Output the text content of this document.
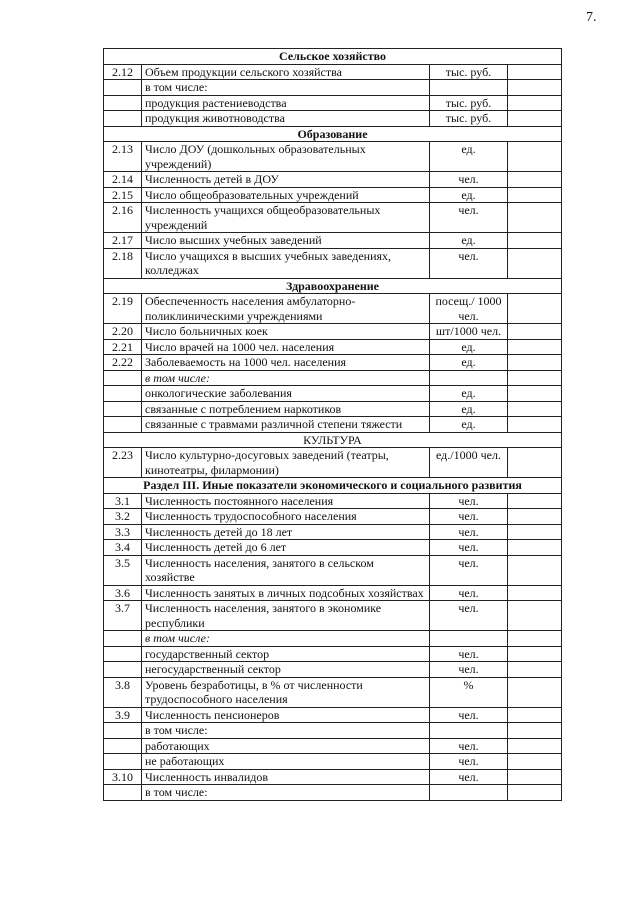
7.
Сельское хозяйство			
2.12	Объем продукции сельского хозяйства	тыс. руб.	
	в том числе:		
	продукция растениеводства	тыс. руб.	
	продукция животноводства	тыс. руб.	
Образование			
2.13	Число ДОУ (дошкольных образовательных учреждений)	ед.	
2.14	Численность детей в ДОУ	чел.	
2.15	Число общеобразовательных учреждений	ед.	
2.16	Численность учащихся общеобразовательных учреждений	чел.	
2.17	Число высших учебных заведений	ед.	
2.18	Число учащихся в высших учебных заведениях, колледжах	чел.	
Здравоохранение			
2.19	Обеспеченность населения амбулаторно-поликлиническими учреждениями	посещ./ 1000 чел.	
2.20	Число больничных коек	шт/1000 чел.	
2.21	Число врачей на 1000 чел. населения	ед.	
2.22	Заболеваемость на 1000 чел. населения	ед.	
	в том числе:		
	онкологические заболевания	ед.	
	связанные с потреблением наркотиков	ед.	
	связанные с травмами различной степени тяжести	ед.	
КУЛЬТУРА			
2.23	Число культурно-досуговых заведений (театры, кинотеатры, филармонии)	ед./1000 чел.	
Раздел III. Иные показатели экономического и социального развития			
3.1	Численность постоянного населения	чел.	
3.2	Численность трудоспособного населения	чел.	
3.3	Численность детей до 18 лет	чел.	
3.4	Численность детей до 6 лет	чел.	
3.5	Численность населения, занятого в сельском хозяйстве	чел.	
3.6	Численность занятых в личных подсобных хозяйствах	чел.	
3.7	Численность населения, занятого в экономике республики	чел.	
	в том числе:		
	государственный сектор	чел.	
	негосударственный сектор	чел.	
3.8	Уровень безработицы, в % от численности трудоспособного населения	%	
3.9	Численность пенсионеров	чел.	
	в том числе:		
	работающих	чел.	
	не работающих	чел.	
3.10	Численность инвалидов	чел.	
	в том числе:		
